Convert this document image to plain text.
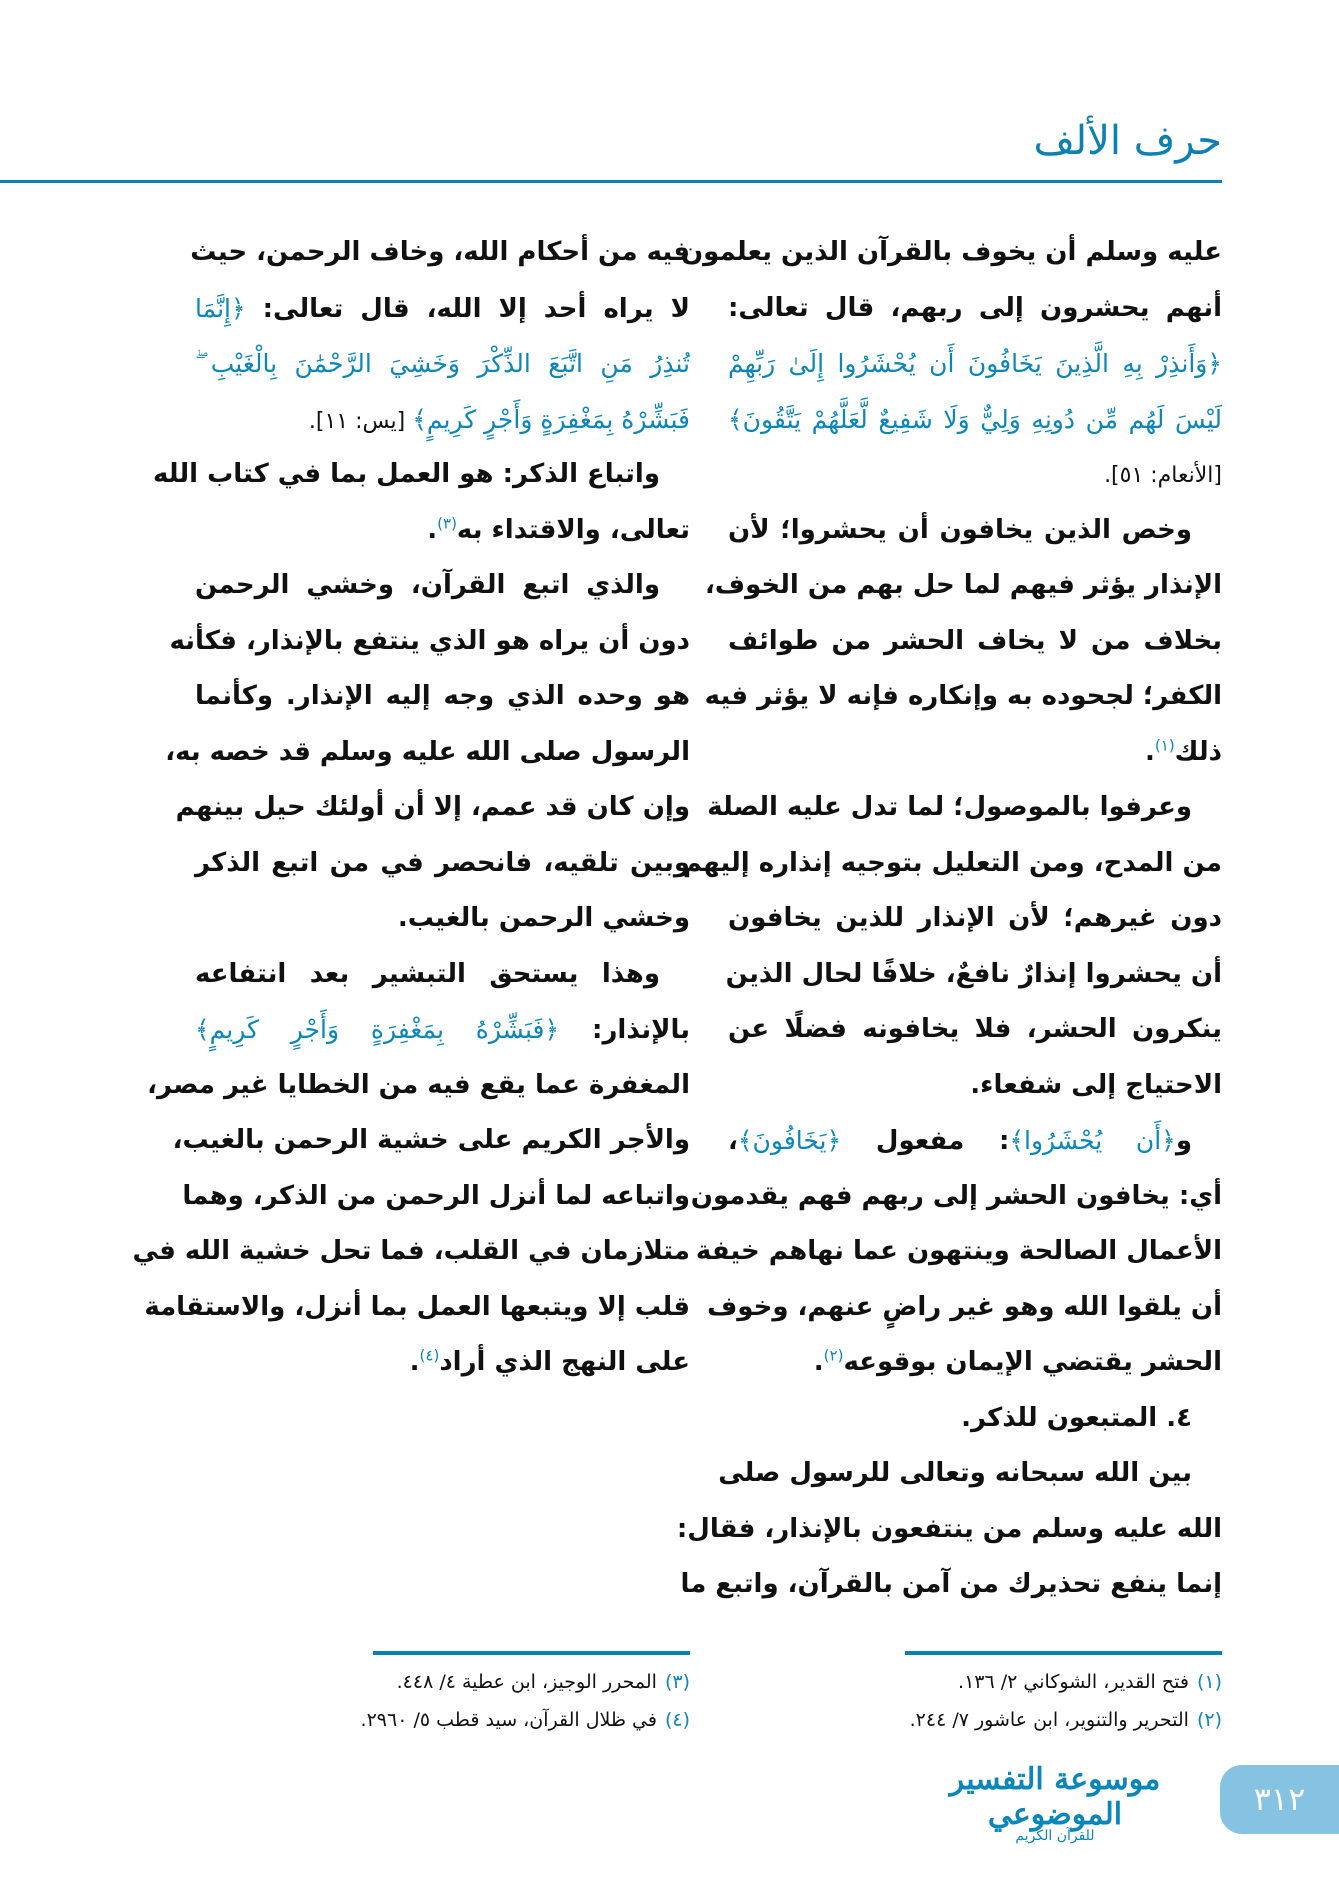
حرف الألف
عليه وسلم أن يخوف بالقرآن الذين يعلمون
أنهم يحشرون إلى ربهم، قال تعالى:
﴿وَأَنذِرْ بِهِ الَّذِينَ يَخَافُونَ أَن يُحْشَرُوا إِلَىٰ رَبِّهِمْ
لَيْسَ لَهُم مِّن دُونِهِ وَلِيٌّ وَلَا شَفِيعٌ لَّعَلَّهُمْ يَتَّقُونَ﴾
[الأنعام: ٥١].
وخص الذين يخافون أن يحشروا؛ لأن
الإنذار يؤثر فيهم لما حل بهم من الخوف،
بخلاف من لا يخاف الحشر من طوائف
الكفر؛ لجحوده به وإنكاره فإنه لا يؤثر فيه
ذلك$^{(١)}$.
وعرفوا بالموصول؛ لما تدل عليه الصلة
من المدح، ومن التعليل بتوجيه إنذاره إليهم
دون غيرهم؛ لأن الإنذار للذين يخافون
أن يحشروا إنذارٌ نافعٌ، خلافًا لحال الذين
ينكرون الحشر، فلا يخافونه فضلًا عن
الاحتياج إلى شفعاء.
و﴿أَن يُحْشَرُوا﴾: مفعول ﴿يَخَافُونَ﴾،
أي: يخافون الحشر إلى ربهم فهم يقدمون
الأعمال الصالحة وينتهون عما نهاهم خيفة
أن يلقوا الله وهو غير راضٍ عنهم، وخوف
الحشر يقتضي الإيمان بوقوعه$^{(٢)}$.
٤. المتبعون للذكر.
بين الله سبحانه وتعالى للرسول صلى
الله عليه وسلم من ينتفعون بالإنذار، فقال:
إنما ينفع تحذيرك من آمن بالقرآن، واتبع ما
فيه من أحكام الله، وخاف الرحمن، حيث
لا يراه أحد إلا الله، قال تعالى: ﴿إِنَّمَا
تُنذِرُ مَنِ اتَّبَعَ الذِّكْرَ وَخَشِيَ الرَّحْمَٰنَ بِالْغَيْبِ ۖ
فَبَشِّرْهُ بِمَغْفِرَةٍ وَأَجْرٍ كَرِيمٍ﴾ [يس: ١١].
واتباع الذكر: هو العمل بما في كتاب الله
تعالى، والاقتداء به$^{(٣)}$.
والذي اتبع القرآن، وخشي الرحمن
دون أن يراه هو الذي ينتفع بالإنذار، فكأنه
هو وحده الذي وجه إليه الإنذار. وكأنما
الرسول صلى الله عليه وسلم قد خصه به،
وإن كان قد عمم، إلا أن أولئك حيل بينهم
وبين تلقيه، فانحصر في من اتبع الذكر
وخشي الرحمن بالغيب.
وهذا يستحق التبشير بعد انتفاعه
بالإنذار: ﴿فَبَشِّرْهُ بِمَغْفِرَةٍ وَأَجْرٍ كَرِيمٍ﴾
المغفرة عما يقع فيه من الخطايا غير مصر،
والأجر الكريم على خشية الرحمن بالغيب،
واتباعه لما أنزل الرحمن من الذكر، وهما
متلازمان في القلب، فما تحل خشية الله في
قلب إلا ويتبعها العمل بما أنزل، والاستقامة
على النهج الذي أراد$^{(٤)}$.
(١)فتح القدير، الشوكاني ٢/ ١٣٦.
(٢)التحرير والتنوير، ابن عاشور ٧/ ٢٤٤.
(٣)المحرر الوجيز، ابن عطية ٤/ ٤٤٨.
(٤)في ظلال القرآن، سيد قطب ٥/ ٢٩٦٠.
موسوعة التفسير الموضوعي
للقرآن الكريم
٣١٢
